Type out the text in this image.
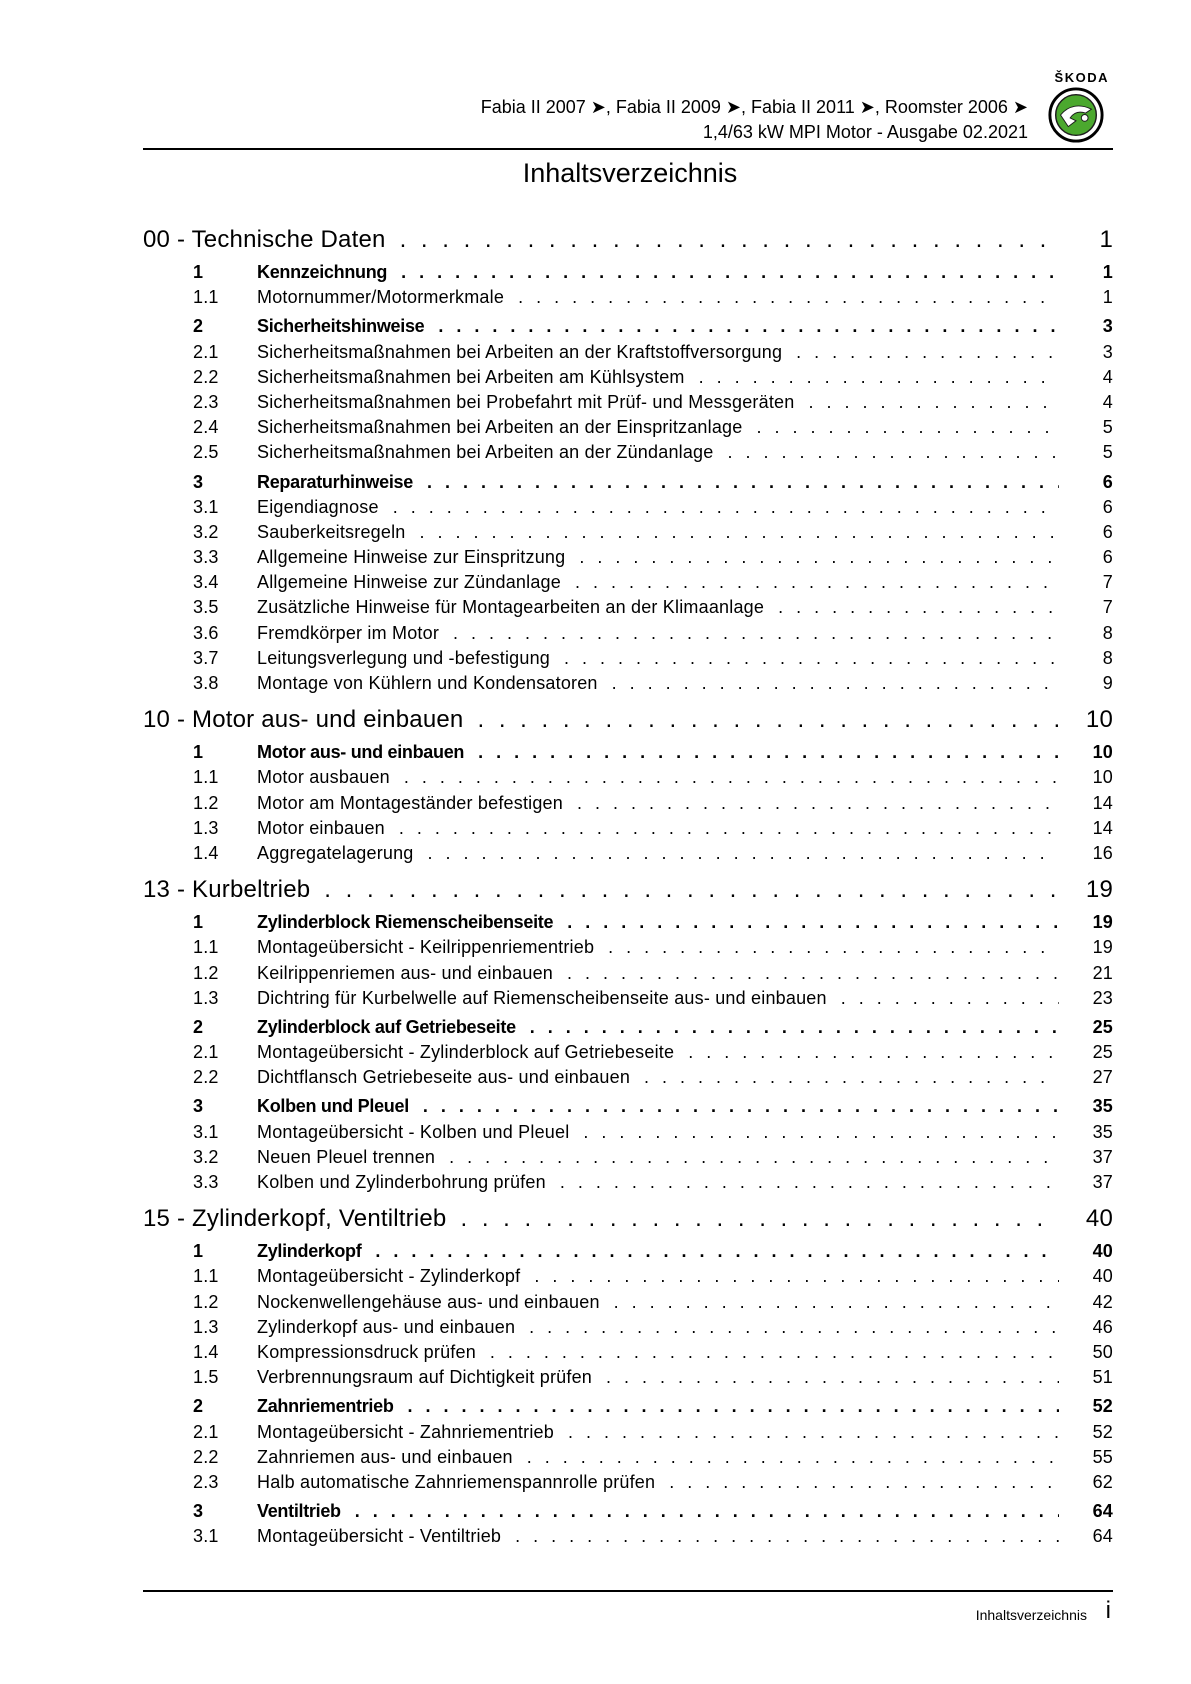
Fabia II 2007 ➤, Fabia II 2009 ➤, Fabia II 2011 ➤, Roomster 2006 ➤
1,4/63 kW MPI Motor - Ausgabe 02.2021
ŠKODA
Inhaltsverzeichnis
00 - Technische Daten . . .	1
1	Kennzeichnung . . .	1
1.1	Motornummer/Motormerkmale . . .	1
2	Sicherheitshinweise . . .	3
2.1	Sicherheitsmaßnahmen bei Arbeiten an der Kraftstoffversorgung . . .	3
2.2	Sicherheitsmaßnahmen bei Arbeiten am Kühlsystem . . .	4
2.3	Sicherheitsmaßnahmen bei Probefahrt mit Prüf- und Messgeräten . . .	4
2.4	Sicherheitsmaßnahmen bei Arbeiten an der Einspritzanlage . . .	5
2.5	Sicherheitsmaßnahmen bei Arbeiten an der Zündanlage . . .	5
3	Reparaturhinweise . . .	6
3.1	Eigendiagnose . . .	6
3.2	Sauberkeitsregeln . . .	6
3.3	Allgemeine Hinweise zur Einspritzung . . .	6
3.4	Allgemeine Hinweise zur Zündanlage . . .	7
3.5	Zusätzliche Hinweise für Montagearbeiten an der Klimaanlage . . .	7
3.6	Fremdkörper im Motor . . .	8
3.7	Leitungsverlegung und -befestigung . . .	8
3.8	Montage von Kühlern und Kondensatoren . . .	9
10 - Motor aus- und einbauen . . .	10
1	Motor aus- und einbauen . . .	10
1.1	Motor ausbauen . . .	10
1.2	Motor am Montageständer befestigen . . .	14
1.3	Motor einbauen . . .	14
1.4	Aggregatelagerung . . .	16
13 - Kurbeltrieb . . .	19
1	Zylinderblock Riemenscheibenseite . . .	19
1.1	Montageübersicht - Keilrippenriementrieb . . .	19
1.2	Keilrippenriemen aus- und einbauen . . .	21
1.3	Dichtring für Kurbelwelle auf Riemenscheibenseite aus- und einbauen . . .	23
2	Zylinderblock auf Getriebeseite . . .	25
2.1	Montageübersicht - Zylinderblock auf Getriebeseite . . .	25
2.2	Dichtflansch Getriebeseite aus- und einbauen . . .	27
3	Kolben und Pleuel . . .	35
3.1	Montageübersicht - Kolben und Pleuel . . .	35
3.2	Neuen Pleuel trennen . . .	37
3.3	Kolben und Zylinderbohrung prüfen . . .	37
15 - Zylinderkopf, Ventiltrieb . . .	40
1	Zylinderkopf . . .	40
1.1	Montageübersicht - Zylinderkopf . . .	40
1.2	Nockenwellengehäuse aus- und einbauen . . .	42
1.3	Zylinderkopf aus- und einbauen . . .	46
1.4	Kompressionsdruck prüfen . . .	50
1.5	Verbrennungsraum auf Dichtigkeit prüfen . . .	51
2	Zahnriementrieb . . .	52
2.1	Montageübersicht - Zahnriementrieb . . .	52
2.2	Zahnriemen aus- und einbauen . . .	55
2.3	Halb automatische Zahnriemenspannrolle prüfen . . .	62
3	Ventiltrieb . . .	64
3.1	Montageübersicht - Ventiltrieb . . .	64
Inhaltsverzeichnis i
